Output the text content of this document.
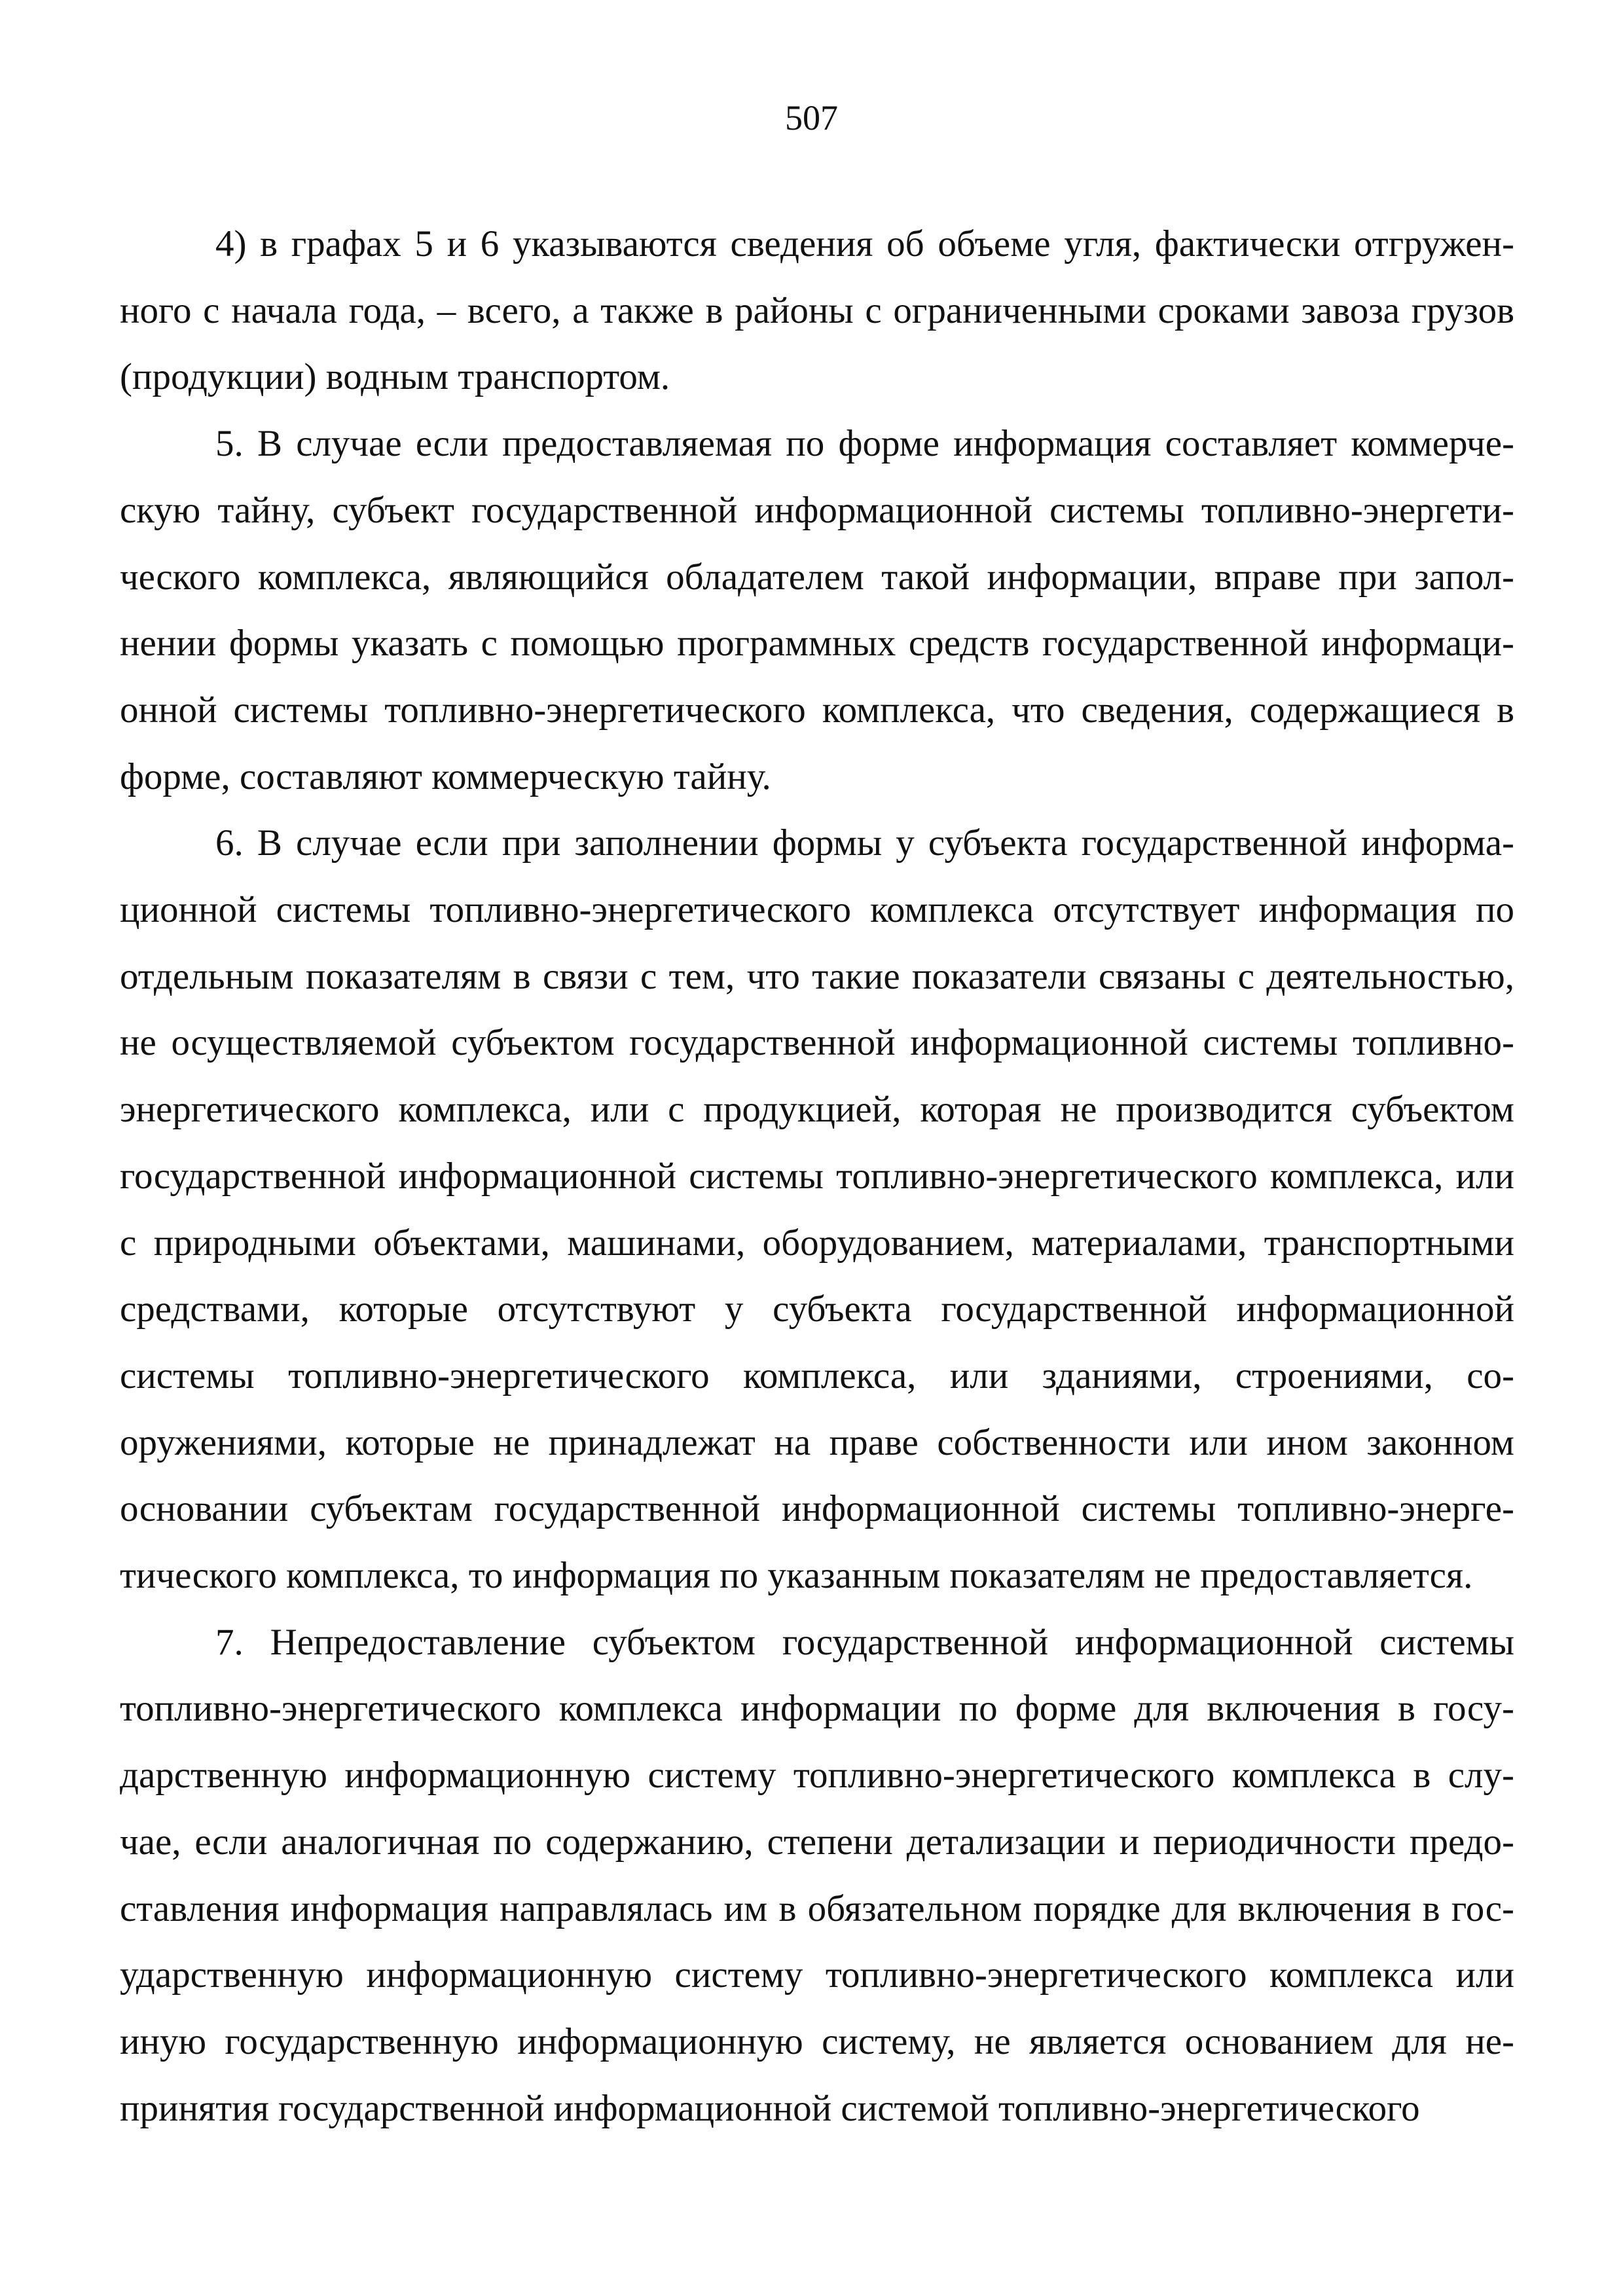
507

4) в графах 5 и 6 указываются сведения об объеме угля, фактически отгруженного с начала года, – всего, а также в районы с ограниченными сроками завоза грузов (продукции) водным транспортом.

5. В случае если предоставляемая по форме информация составляет коммерческую тайну, субъект государственной информационной системы топливно-энергетического комплекса, являющийся обладателем такой информации, вправе при заполнении формы указать с помощью программных средств государственной информационной системы топливно-энергетического комплекса, что сведения, содержащиеся в форме, составляют коммерческую тайну.

6. В случае если при заполнении формы у субъекта государственной информационной системы топливно-энергетического комплекса отсутствует информация по отдельным показателям в связи с тем, что такие показатели связаны с деятельностью, не осуществляемой субъектом государственной информационной системы топливно-энергетического комплекса, или с продукцией, которая не производится субъектом государственной информационной системы топливно-энергетического комплекса, или с природными объектами, машинами, оборудованием, материалами, транспортными средствами, которые отсутствуют у субъекта государственной информационной системы топливно-энергетического комплекса, или зданиями, строениями, сооружениями, которые не принадлежат на праве собственности или ином законном основании субъектам государственной информационной системы топливно-энергетического комплекса, то информация по указанным показателям не предоставляется.

7. Непредоставление субъектом государственной информационной системы топливно-энергетического комплекса информации по форме для включения в государственную информационную систему топливно-энергетического комплекса в случае, если аналогичная по содержанию, степени детализации и периодичности предоставления информация направлялась им в обязательном порядке для включения в государственную информационную систему топливно-энергетического комплекса или иную государственную информационную систему, не является основанием для непринятия государственной информационной системой топливно-энергетического
